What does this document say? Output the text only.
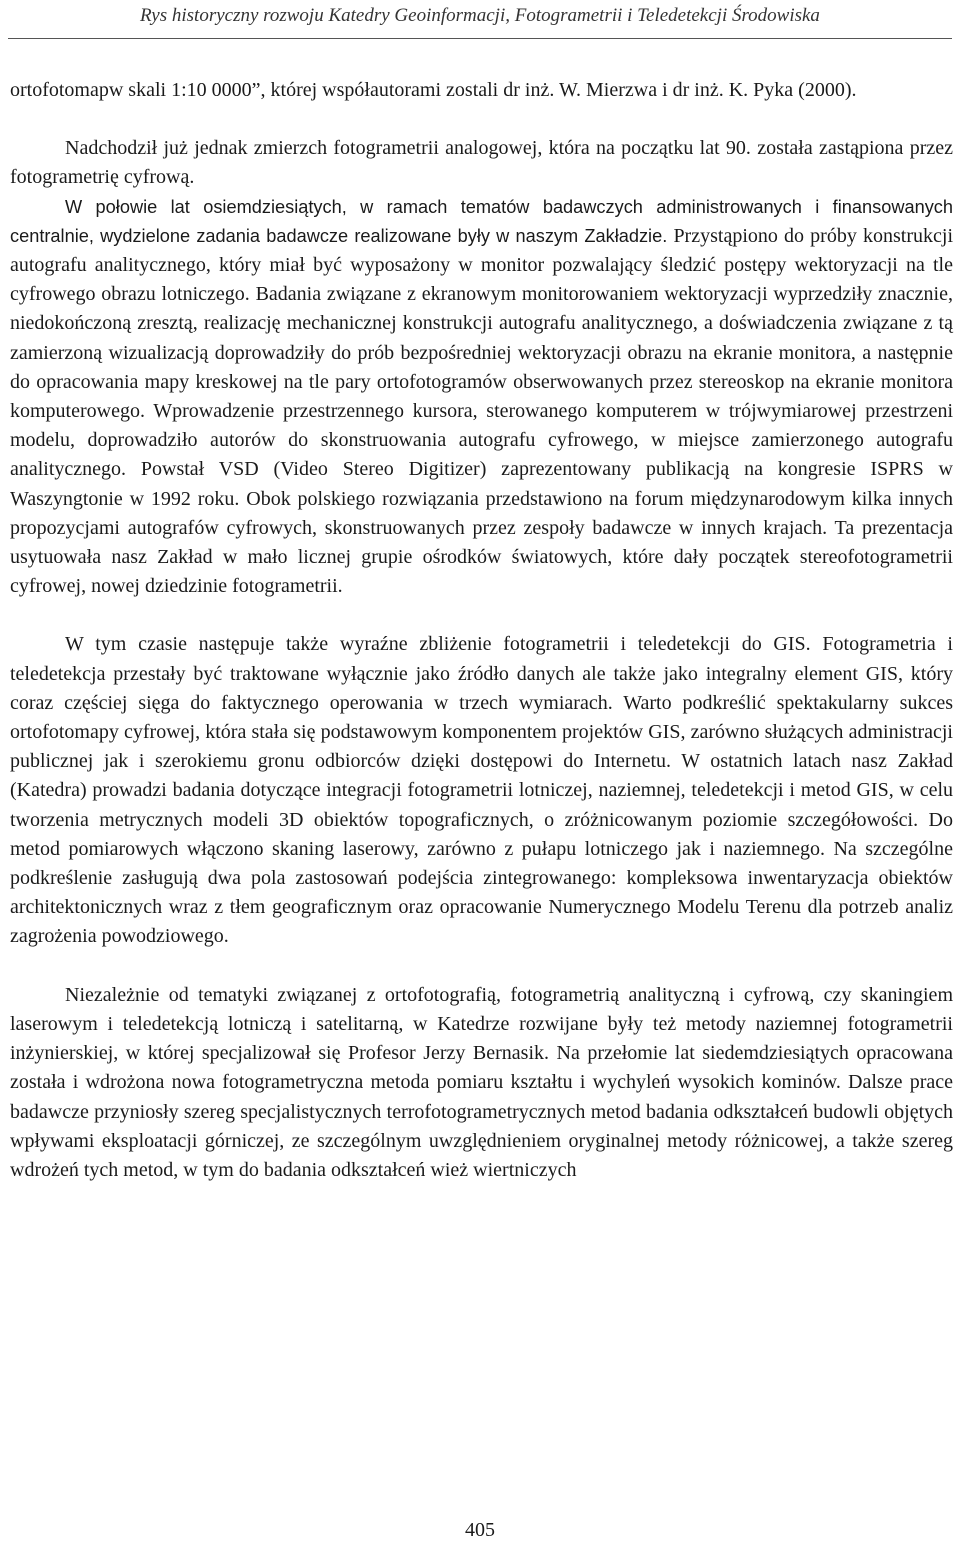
Rys historyczny rozwoju Katedry Geoinformacji, Fotogrametrii i Teledetekcji Środowiska

ortofotomapw skali 1:10 0000”, której współautorami zostali dr inż. W. Mierzwa i dr inż. K. Pyka (2000).

Nadchodził już jednak zmierzch fotogrametrii analogowej, która na początku lat 90. została zastąpiona przez fotogrametrię cyfrową.

W połowie lat osiemdziesiątych, w ramach tematów badawczych administrowanych i finansowanych centralnie, wydzielone zadania badawcze realizowane były w naszym Zakładzie. Przystąpiono do próby konstrukcji autografu analitycznego, który miał być wyposażony w monitor pozwalający śledzić postępy wektoryzacji na tle cyfrowego obrazu lotniczego. Badania związane z ekranowym monitorowaniem wektoryzacji wyprzedziły znacznie, niedokończoną zresztą, realizację mechanicznej konstrukcji autografu analitycznego, a doświadczenia związane z tą zamierzoną wizualizacją doprowadziły do prób bezpośredniej wektoryzacji obrazu na ekranie monitora, a następnie do opracowania mapy kreskowej na tle pary ortofotogramów obserwowanych przez stereoskop na ekranie monitora komputerowego. Wprowadzenie przestrzennego kursora, sterowanego komputerem w trójwymiarowej przestrzeni modelu, doprowadziło autorów do skonstruowania autografu cyfrowego, w miejsce zamierzonego autografu analitycznego. Powstał VSD (Video Stereo Digitizer) zaprezentowany publikacją na kongresie ISPRS w Waszyngtonie w 1992 roku. Obok polskiego rozwiązania przedstawiono na forum międzynarodowym kilka innych propozycjami autografów cyfrowych, skonstruowanych przez zespoły badawcze w innych krajach. Ta prezentacja usytuowała nasz Zakład w mało licznej grupie ośrodków światowych, które dały początek stereofotogrametrii cyfrowej, nowej dziedzinie fotogrametrii.

W tym czasie następuje także wyraźne zbliżenie fotogrametrii i teledetekcji do GIS. Fotogrametria i teledetekcja przestały być traktowane wyłącznie jako źródło danych ale także jako integralny element GIS, który coraz częściej sięga do faktycznego operowania w trzech wymiarach. Warto podkreślić spektakularny sukces ortofotomapy cyfrowej, która stała się podstawowym komponentem projektów GIS, zarówno służących administracji publicznej jak i szerokiemu gronu odbiorców dzięki dostępowi do Internetu. W ostatnich latach nasz Zakład (Katedra) prowadzi badania dotyczące integracji fotogrametrii lotniczej, naziemnej, teledetekcji i metod GIS, w celu tworzenia metrycznych modeli 3D obiektów topograficznych, o zróżnicowanym poziomie szczegółowości. Do metod pomiarowych włączono skaning laserowy, zarówno z pułapu lotniczego jak i naziemnego. Na szczególne podkreślenie zasługują dwa pola zastosowań podejścia zintegrowanego: kompleksowa inwentaryzacja obiektów architektonicznych wraz z tłem geograficznym oraz opracowanie Numerycznego Modelu Terenu dla potrzeb analiz zagrożenia powodziowego.

Niezależnie od tematyki związanej z ortofotografią, fotogrametrią analityczną i cyfrową, czy skaningiem laserowym i teledetekcją lotniczą i satelitarną, w Katedrze rozwijane były też metody naziemnej fotogrametrii inżynierskiej, w której specjalizował się Profesor Jerzy Bernasik. Na przełomie lat siedemdziesiątych opracowana została i wdrożona nowa fotogrametryczna metoda pomiaru kształtu i wychyleń wysokich kominów. Dalsze prace badawcze przyniosły szereg specjalistycznych terrofotogrametrycznych metod badania odkształceń budowli objętych wpływami eksploatacji górniczej, ze szczególnym uwzględnieniem oryginalnej metody różnicowej, a także szereg wdrożeń tych metod, w tym do badania odkształceń wież wiertniczych

405
